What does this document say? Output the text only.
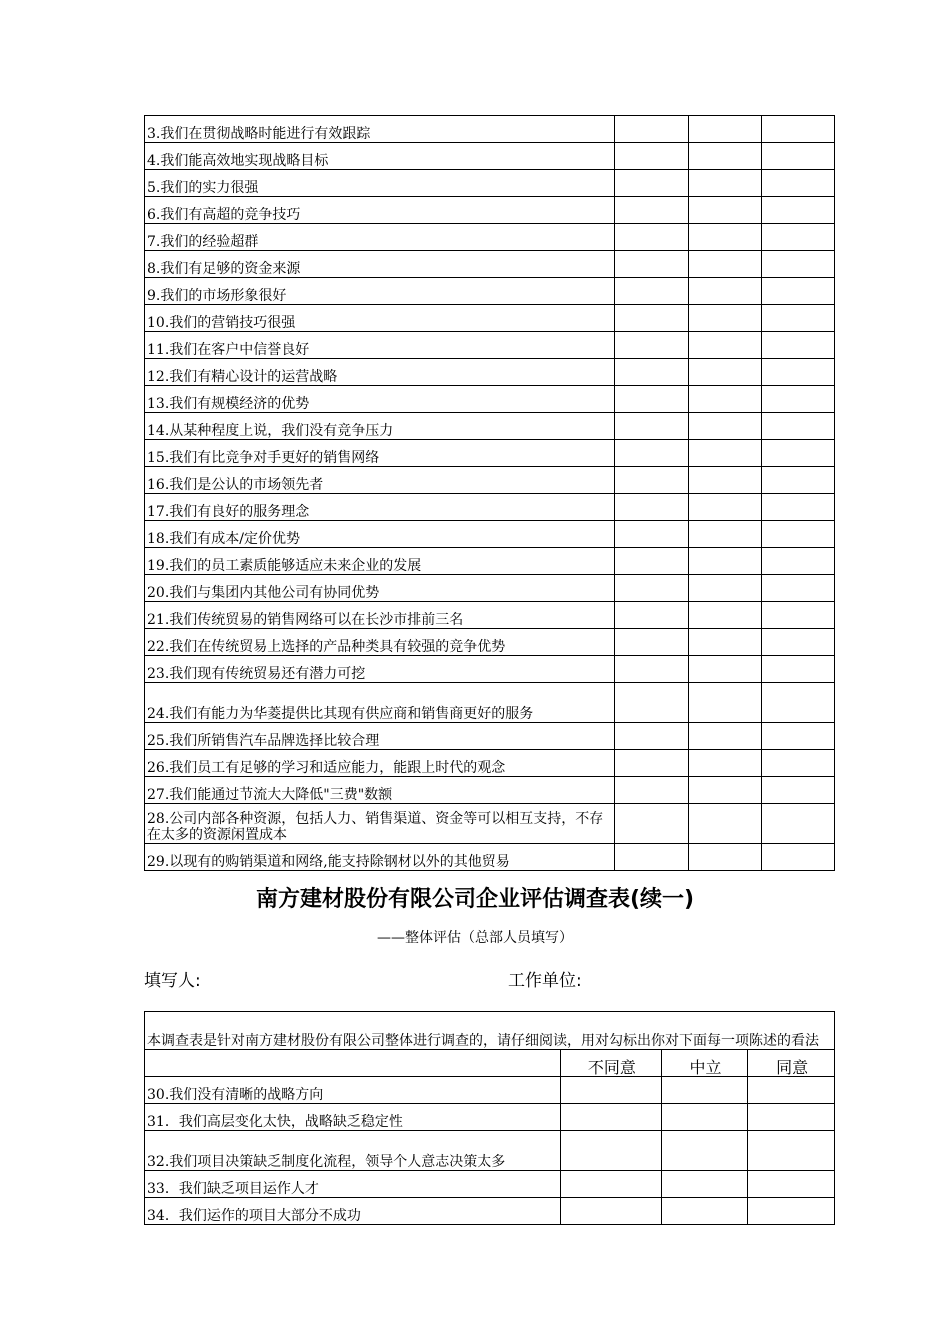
3.我们在贯彻战略时能进行有效跟踪			
4.我们能高效地实现战略目标			
5.我们的实力很强			
6.我们有高超的竞争技巧			
7.我们的经验超群			
8.我们有足够的资金来源			
9.我们的市场形象很好			
10.我们的营销技巧很强			
11.我们在客户中信誉良好			
12.我们有精心设计的运营战略			
13.我们有规模经济的优势			
14.从某种程度上说，我们没有竞争压力			
15.我们有比竞争对手更好的销售网络			
16.我们是公认的市场领先者			
17.我们有良好的服务理念			
18.我们有成本/定价优势			
19.我们的员工素质能够适应未来企业的发展			
20.我们与集团内其他公司有协同优势			
21.我们传统贸易的销售网络可以在长沙市排前三名			
22.我们在传统贸易上选择的产品种类具有较强的竞争优势			
23.我们现有传统贸易还有潜力可挖			
24.我们有能力为华菱提供比其现有供应商和销售商更好的服务			
25.我们所销售汽车品牌选择比较合理			
26.我们员工有足够的学习和适应能力，能跟上时代的观念			
27.我们能通过节流大大降低"三费"数额			
28.公司内部各种资源，包括人力、销售渠道、资金等可以相互支持，不存在太多的资源闲置成本			
29.以现有的购销渠道和网络,能支持除钢材以外的其他贸易			
南方建材股份有限公司企业评估调查表(续一)
——整体评估（总部人员填写）
填写人:	工作单位:
本调查表是针对南方建材股份有限公司整体进行调查的，请仔细阅读，用对勾标出你对下面每一项陈述的看法			
	不同意	中立	同意
30.我们没有清晰的战略方向			
31．我们高层变化太快，战略缺乏稳定性			
32.我们项目决策缺乏制度化流程，领导个人意志决策太多			
33．我们缺乏项目运作人才			
34．我们运作的项目大部分不成功			
